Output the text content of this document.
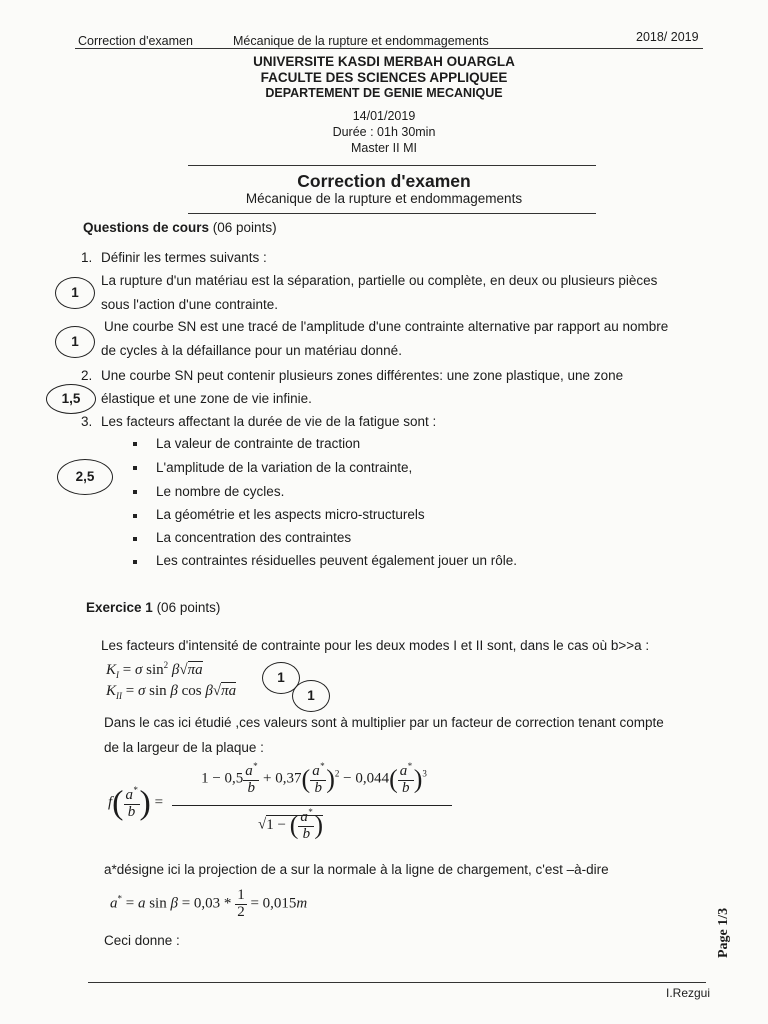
Correction d'examen	Mécanique de la rupture et endommagements	2018/ 2019
UNIVERSITE KASDI MERBAH OUARGLA
FACULTE DES SCIENCES APPLIQUEE
DEPARTEMENT DE GENIE MECANIQUE
14/01/2019
Durée : 01h 30min
Master II MI
Correction d'examen
Mécanique de la rupture et endommagements
Questions de cours (06 points)
1. Définir les termes suivants :
1
La rupture d'un matériau est la séparation, partielle ou complète, en deux ou plusieurs pièces
sous l'action d'une contrainte.
1
Une courbe SN est une tracé de l'amplitude d'une contrainte alternative par rapport au nombre
de cycles à la défaillance pour un matériau donné.
2. Une courbe SN peut contenir plusieurs zones différentes: une zone plastique, une zone
1,5	élastique et une zone de vie infinie.
3. Les facteurs affectant la durée de vie de la fatigue sont :
2,5
La valeur de contrainte de traction
L'amplitude de la variation de la contrainte,
Le nombre de cycles.
La géométrie et les aspects micro-structurels
La concentration des contraintes
Les contraintes résiduelles peuvent également jouer un rôle.
Exercice 1 (06 points)
Les facteurs d'intensité de contrainte pour les deux modes I et II sont, dans le cas où b>>a :
$K_I = \sigma$ $\sin^2 \beta√\pi a$
$K_{II} = \sigma$ sin β cos β√πa
1
1
Dans le cas ici étudié ,ces valeurs sont à multiplier par un facteur de correction tenant compte
de la largeur de la plaque :
$f( \frac{a^*}{b}$ ) =
$1 - 0,5 \frac{a^*}{b} + 0,37( \frac{a^*}{b} )^2 - 0,044( \frac{a^*}{b} )^3$
√1 − ( $\frac{a^*}{b}$ )
a*désigne ici la projection de a sur la normale à la ligne de chargement, c'est –à-dire
a* = a $\sin \beta = 0,03 * \frac{1}{2} = 0,015m$
Ceci donne :
I.Rezgui
Page 1/3
